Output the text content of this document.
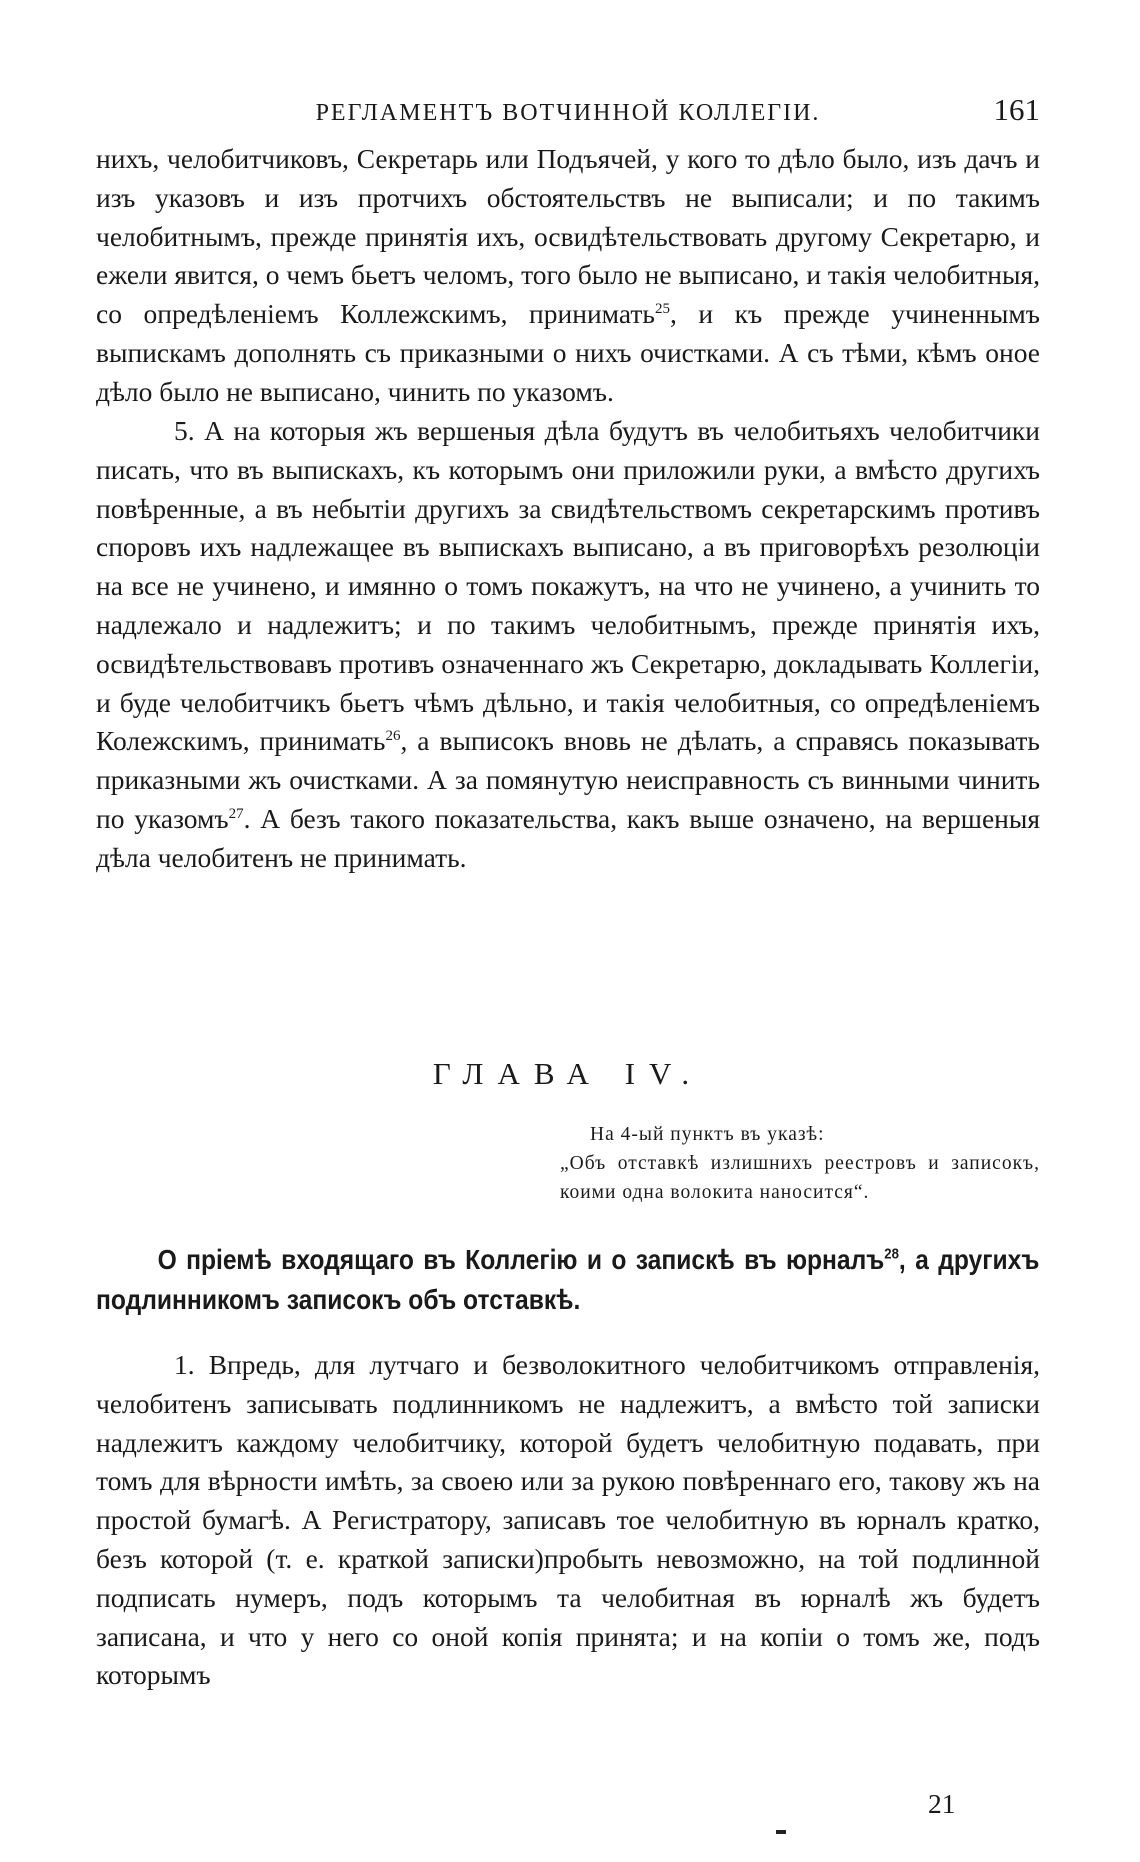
РЕГЛАМЕНТЪ ВОТЧИННОЙ КОЛЛЕГІИ.	161

нихъ, челобитчиковъ, Секретарь или Подъячей, у кого то дѣло было, изъ дачъ и изъ указовъ и изъ протчихъ обстоятельствъ не выписали; и по такимъ челобитнымъ, прежде принятія ихъ, освидѣтельствовать другому Секретарю, и ежели явится, о чемъ бьетъ челомъ, того было не выписано, и такія челобитныя, со опредѣленіемъ Коллежскимъ, принимать$^{25}$, и къ прежде учиненнымъ выпискамъ дополнять съ приказными о нихъ очистками. А съ тѣми, кѣмъ оное дѣло было не выписано, чинить по указомъ.

5. А на которыя жъ вершеныя дѣла будутъ въ челобитьяхъ челобитчики писать, что въ выпискахъ, къ которымъ они приложили руки, а вмѣсто другихъ повѣренные, а въ небытіи другихъ за свидѣтельствомъ секретарскимъ противъ споровъ ихъ надлежащее въ выпискахъ выписано, а въ приговорѣхъ резолюціи на все не учинено, и имянно о томъ покажутъ, на что не учинено, а учинить то надлежало и надлежитъ; и по такимъ челобитнымъ, прежде принятія ихъ, освидѣтельствовавъ противъ означеннаго жъ Секретарю, докладывать Коллегіи, и буде челобитчикъ бьетъ чѣмъ дѣльно, и такія челобитныя, со опредѣленіемъ Колежскимъ, принимать$^{26}$, а выписокъ вновь не дѣлать, а справясь показывать приказными жъ очистками. А за помянутую неисправность съ винными чинить по указомъ$^{27}$. А безъ такого показательства, какъ выше означено, на вершеныя дѣла челобитенъ не принимать.

ГЛАВА IV.
На 4-ый пунктъ въ указѣ:
„Объ отставкѣ излишнихъ реестровъ и записокъ, коими одна волокита наносится“.
О пріемѣ входящаго въ Коллегію и о запискѣ въ юрналъ$^{28}$, а другихъ подлинникомъ записокъ объ отставкѣ.

1. Впредь, для лутчаго и безволокитного челобитчикомъ отправленія, челобитенъ записывать подлинникомъ не надлежитъ, а вмѣсто той записки надлежитъ каждому челобитчику, которой будетъ челобитную подавать, при томъ для вѣрности имѣть, за своею или за рукою повѣреннаго его, такову жъ на простой бумагѣ. А Регистратору, записавъ тое челобитную въ юрналъ кратко, безъ которой (т. е. краткой записки)пробыть невозможно, на той подлинной подписать нумеръ, подъ которымъ та челобитная въ юрналѣ жъ будетъ записана, и что у него со оной копія принята; и на копіи о томъ же, подъ которымъ

21
